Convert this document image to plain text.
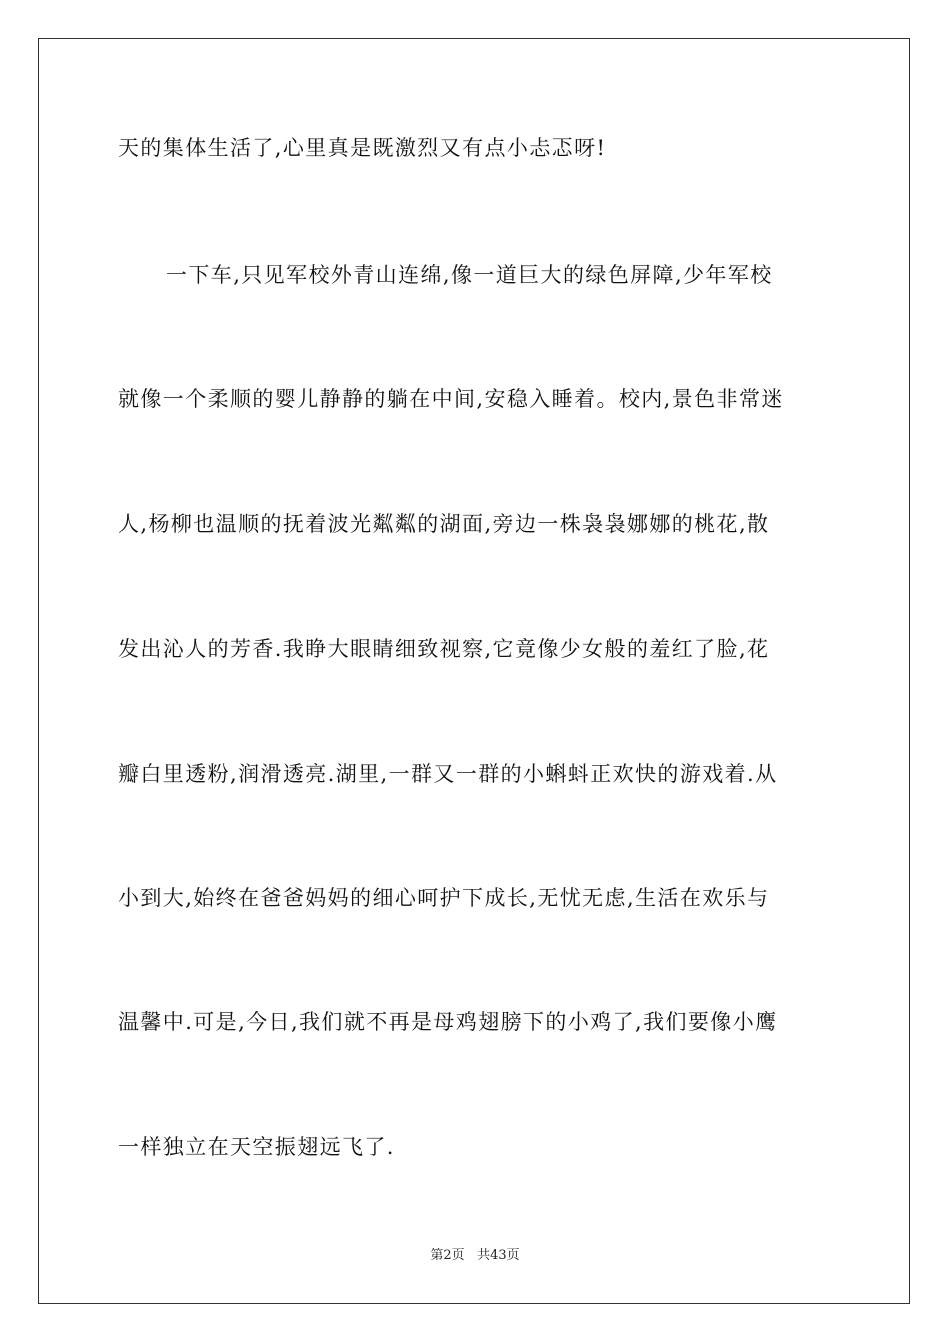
天的集体生活了,心里真是既激烈又有点小忐忑呀!
一下车,只见军校外青山连绵,像一道巨大的绿色屏障,少年军校
就像一个柔顺的婴儿静静的躺在中间,安稳入睡着。校内,景色非常迷
人,杨柳也温顺的抚着波光粼粼的湖面,旁边一株袅袅娜娜的桃花,散
发出沁人的芳香.我睁大眼睛细致视察,它竟像少女般的羞红了脸,花
瓣白里透粉,润滑透亮.湖里,一群又一群的小蝌蚪正欢快的游戏着.从
小到大,始终在爸爸妈妈的细心呵护下成长,无忧无虑,生活在欢乐与
温馨中.可是,今日,我们就不再是母鸡翅膀下的小鸡了,我们要像小鹰
一样独立在天空振翅远飞了.
第2页 共43页
